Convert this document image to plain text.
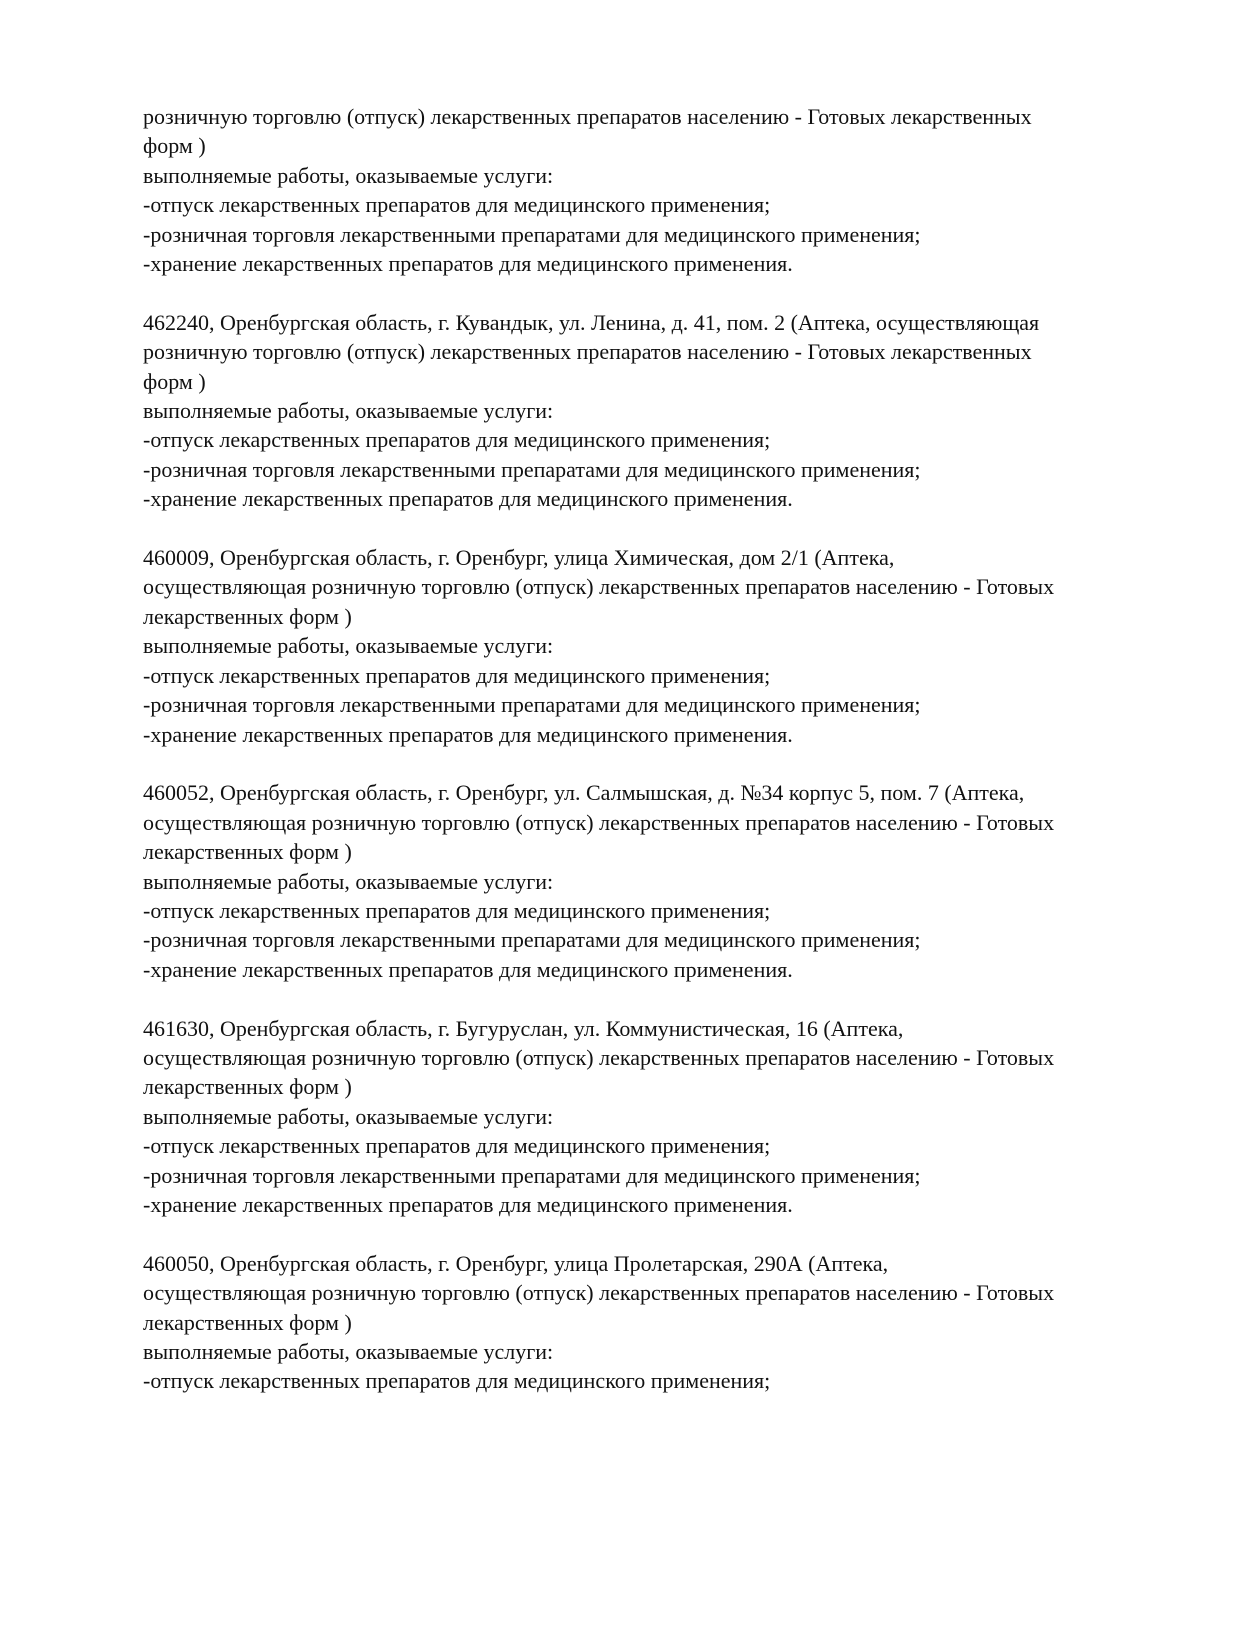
розничную торговлю (отпуск) лекарственных препаратов населению - Готовых лекарственных
форм )
выполняемые работы, оказываемые услуги:
-отпуск лекарственных препаратов для медицинского применения;
-розничная торговля лекарственными препаратами для медицинского применения;
-хранение лекарственных препаратов для медицинского применения.
462240, Оренбургская область, г. Кувандык, ул. Ленина, д. 41, пом. 2 (Аптека, осуществляющая
розничную торговлю (отпуск) лекарственных препаратов населению - Готовых лекарственных
форм )
выполняемые работы, оказываемые услуги:
-отпуск лекарственных препаратов для медицинского применения;
-розничная торговля лекарственными препаратами для медицинского применения;
-хранение лекарственных препаратов для медицинского применения.
460009, Оренбургская область, г. Оренбург, улица Химическая, дом 2/1 (Аптека,
осуществляющая розничную торговлю (отпуск) лекарственных препаратов населению - Готовых
лекарственных форм )
выполняемые работы, оказываемые услуги:
-отпуск лекарственных препаратов для медицинского применения;
-розничная торговля лекарственными препаратами для медицинского применения;
-хранение лекарственных препаратов для медицинского применения.
460052, Оренбургская область, г. Оренбург, ул. Салмышская, д. №34 корпус 5, пом. 7 (Аптека,
осуществляющая розничную торговлю (отпуск) лекарственных препаратов населению - Готовых
лекарственных форм )
выполняемые работы, оказываемые услуги:
-отпуск лекарственных препаратов для медицинского применения;
-розничная торговля лекарственными препаратами для медицинского применения;
-хранение лекарственных препаратов для медицинского применения.
461630, Оренбургская область, г. Бугуруслан, ул. Коммунистическая, 16 (Аптека,
осуществляющая розничную торговлю (отпуск) лекарственных препаратов населению - Готовых
лекарственных форм )
выполняемые работы, оказываемые услуги:
-отпуск лекарственных препаратов для медицинского применения;
-розничная торговля лекарственными препаратами для медицинского применения;
-хранение лекарственных препаратов для медицинского применения.
460050, Оренбургская область, г. Оренбург, улица Пролетарская, 290А (Аптека,
осуществляющая розничную торговлю (отпуск) лекарственных препаратов населению - Готовых
лекарственных форм )
выполняемые работы, оказываемые услуги:
-отпуск лекарственных препаратов для медицинского применения;
